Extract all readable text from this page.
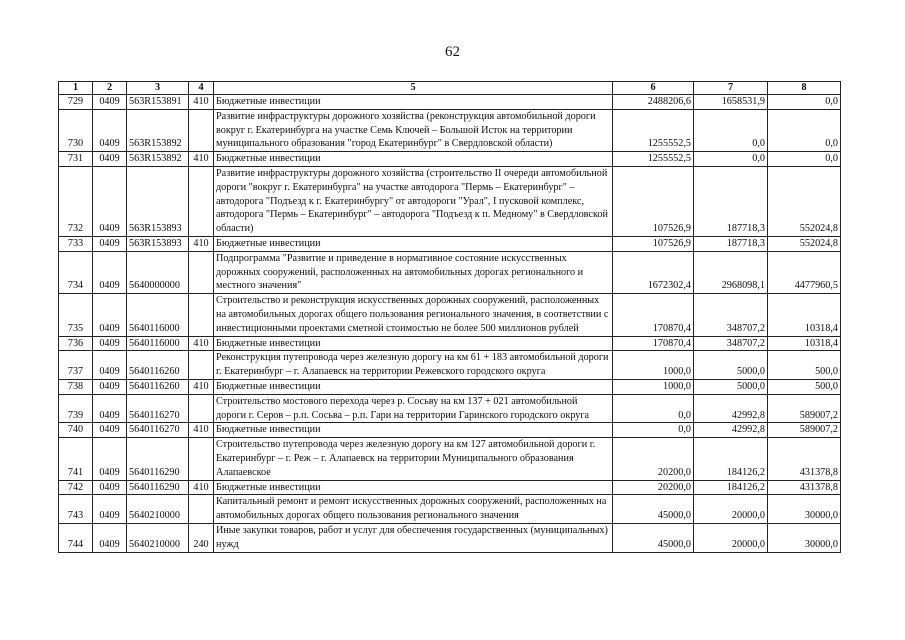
62
1	2	3	4	5	6	7	8
729	0409	563R153891	410	Бюджетные инвестиции	2488206,6	1658531,9	0,0
730	0409	563R153892		Развитие инфраструктуры дорожного хозяйства (реконструкция автомобильной дороги вокруг г. Екатеринбурга на участке Семь Ключей – Большой Исток на территории муниципального образования "город Екатеринбург" в Свердловской области)	1255552,5	0,0	0,0
731	0409	563R153892	410	Бюджетные инвестиции	1255552,5	0,0	0,0
732	0409	563R153893		Развитие инфраструктуры дорожного хозяйства (строительство II очереди автомобильной дороги "вокруг г. Екатеринбурга" на участке автодорога "Пермь – Екатеринбург" – автодорога "Подъезд к г. Екатеринбургу" от автодороги "Урал", I пусковой комплекс, автодорога "Пермь – Екатеринбург" – автодорога "Подъезд к п. Медному" в Свердловской области)	107526,9	187718,3	552024,8
733	0409	563R153893	410	Бюджетные инвестиции	107526,9	187718,3	552024,8
734	0409	5640000000		Подпрограмма "Развитие и приведение в нормативное состояние искусственных дорожных сооружений, расположенных на автомобильных дорогах регионального и местного значения"	1672302,4	2968098,1	4477960,5
735	0409	5640116000		Строительство и реконструкция искусственных дорожных сооружений, расположенных на автомобильных дорогах общего пользования регионального значения, в соответствии с инвестиционными проектами сметной стоимостью не более 500 миллионов рублей	170870,4	348707,2	10318,4
736	0409	5640116000	410	Бюджетные инвестиции	170870,4	348707,2	10318,4
737	0409	5640116260		Реконструкция путепровода через железную дорогу на км 61 + 183 автомобильной дороги г. Екатеринбург – г. Алапаевск на территории Режевского городского округа	1000,0	5000,0	500,0
738	0409	5640116260	410	Бюджетные инвестиции	1000,0	5000,0	500,0
739	0409	5640116270		Строительство мостового перехода через р. Сосьву на км 137 + 021 автомобильной дороги г. Серов – р.п. Сосьва – р.п. Гари на территории Гаринского городского округа	0,0	42992,8	589007,2
740	0409	5640116270	410	Бюджетные инвестиции	0,0	42992,8	589007,2
741	0409	5640116290		Строительство путепровода через железную дорогу на км 127 автомобильной дороги г. Екатеринбург – г. Реж – г. Алапаевск на территории Муниципального образования Алапаевское	20200,0	184126,2	431378,8
742	0409	5640116290	410	Бюджетные инвестиции	20200,0	184126,2	431378,8
743	0409	5640210000		Капитальный ремонт и ремонт искусственных дорожных сооружений, расположенных на автомобильных дорогах общего пользования регионального значения	45000,0	20000,0	30000,0
744	0409	5640210000	240	Иные закупки товаров, работ и услуг для обеспечения государственных (муниципальных) нужд	45000,0	20000,0	30000,0
